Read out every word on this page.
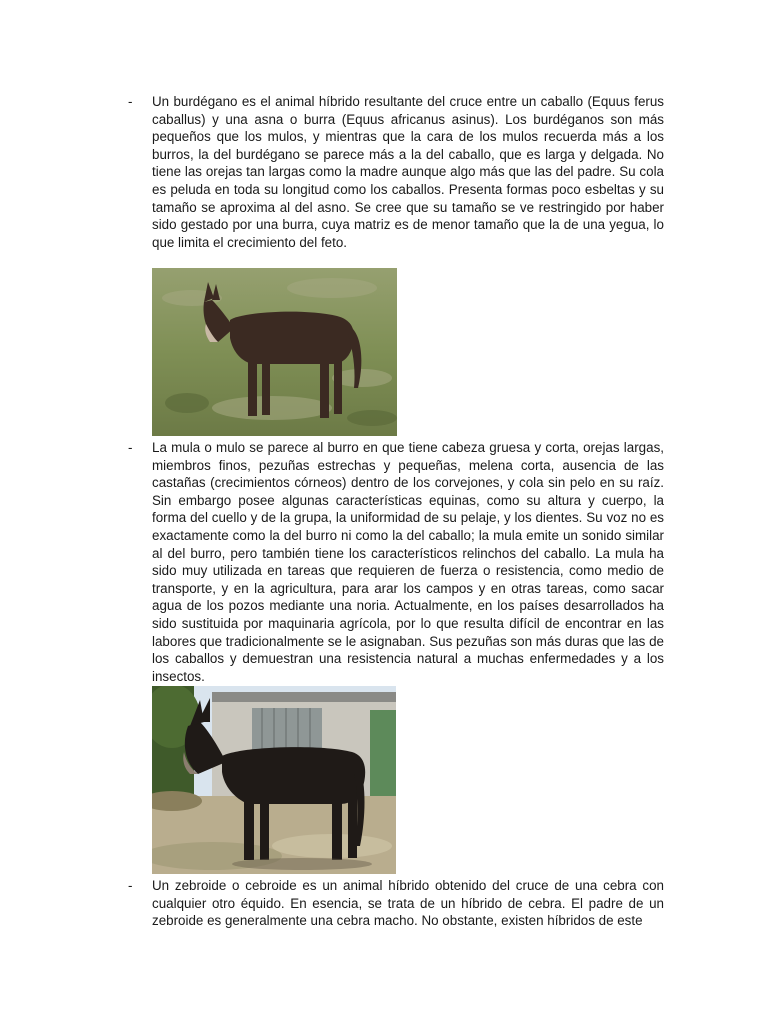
- Un burdégano es el animal híbrido resultante del cruce entre un caballo (Equus ferus caballus) y una asna o burra (Equus africanus asinus). Los burdéganos son más pequeños que los mulos, y mientras que la cara de los mulos recuerda más a los burros, la del burdégano se parece más a la del caballo, que es larga y delgada. No tiene las orejas tan largas como la madre aunque algo más que las del padre. Su cola es peluda en toda su longitud como los caballos. Presenta formas poco esbeltas y su tamaño se aproxima al del asno. Se cree que su tamaño se ve restringido por haber sido gestado por una burra, cuya matriz es de menor tamaño que la de una yegua, lo que limita el crecimiento del feto.

- La mula o mulo se parece al burro en que tiene cabeza gruesa y corta, orejas largas, miembros finos, pezuñas estrechas y pequeñas, melena corta, ausencia de las castañas (crecimientos córneos) dentro de los corvejones, y cola sin pelo en su raíz. Sin embargo posee algunas características equinas, como su altura y cuerpo, la forma del cuello y de la grupa, la uniformidad de su pelaje, y los dientes. Su voz no es exactamente como la del burro ni como la del caballo; la mula emite un sonido similar al del burro, pero también tiene los característicos relinchos del caballo. La mula ha sido muy utilizada en tareas que requieren de fuerza o resistencia, como medio de transporte, y en la agricultura, para arar los campos y en otras tareas, como sacar agua de los pozos mediante una noria. Actualmente, en los países desarrollados ha sido sustituida por maquinaria agrícola, por lo que resulta difícil de encontrar en las labores que tradicionalmente se le asignaban. Sus pezuñas son más duras que las de los caballos y demuestran una resistencia natural a muchas enfermedades y a los insectos.

- Un zebroide o cebroide es un animal híbrido obtenido del cruce de una cebra con cualquier otro équido. En esencia, se trata de un híbrido de cebra. El padre de un zebroide es generalmente una cebra macho. No obstante, existen híbridos de este
